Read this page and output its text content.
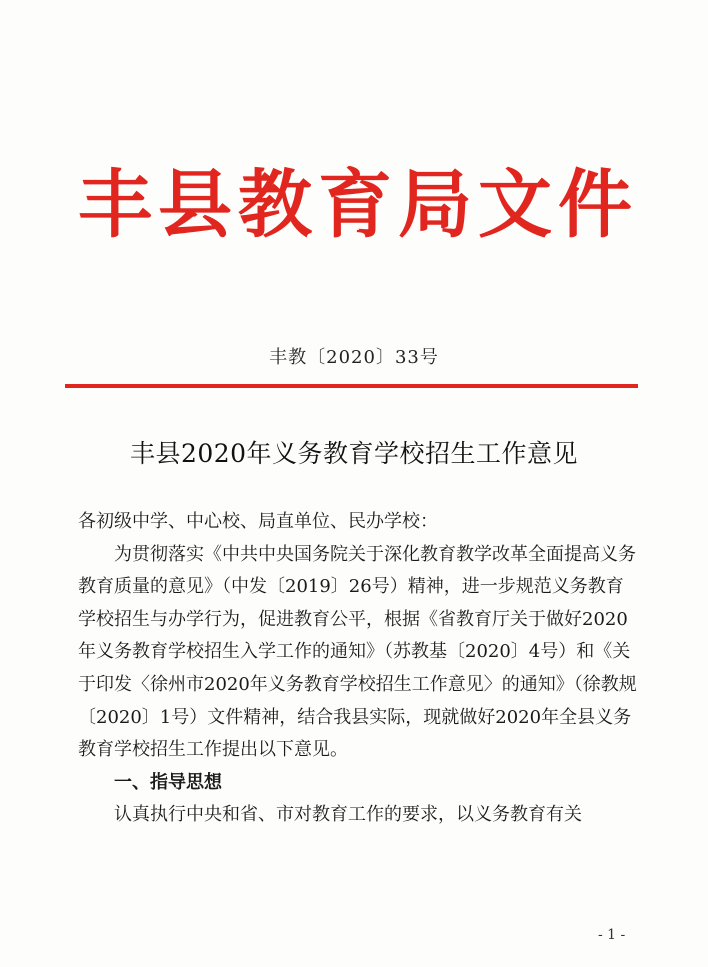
丰县教育局文件
丰教〔2020〕33号
丰县2020年义务教育学校招生工作意见

各初级中学、中心校、局直单位、民办学校：

为贯彻落实《中共中央国务院关于深化教育教学改革全面提高义务教育质量的意见》（中发〔2019〕26号）精神，进一步规范义务教育学校招生与办学行为，促进教育公平，根据《省教育厅关于做好2020年义务教育学校招生入学工作的通知》（苏教基〔2020〕4号）和《关于印发〈徐州市2020年义务教育学校招生工作意见〉的通知》（徐教规〔2020〕1号）文件精神，结合我县实际，现就做好2020年全县义务教育学校招生工作提出以下意见。

一、指导思想

认真执行中央和省、市对教育工作的要求，以义务教育有关

- 1 -
